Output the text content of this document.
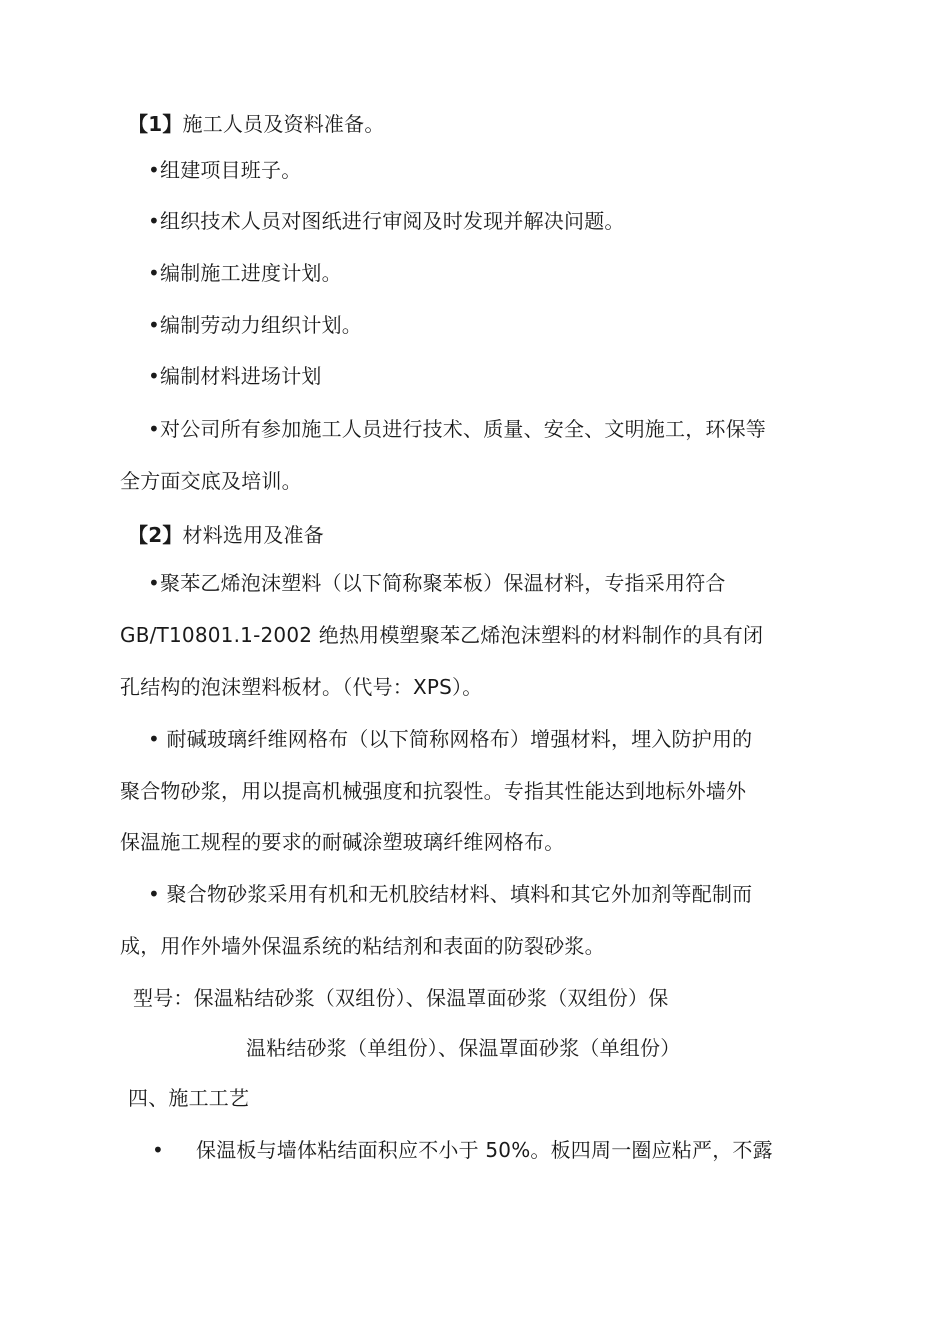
【1】施工人员及资料准备。
•组建项目班子。
•组织技术人员对图纸进行审阅及时发现并解决问题。
•编制施工进度计划。
•编制劳动力组织计划。
•编制材料进场计划
•对公司所有参加施工人员进行技术、质量、安全、文明施工，环保等
全方面交底及培训。
【2】材料选用及准备
•聚苯乙烯泡沫塑料（以下简称聚苯板）保温材料，专指采用符合
GB/T10801.1-2002 绝热用模塑聚苯乙烯泡沫塑料的材料制作的具有闭
孔结构的泡沫塑料板材。（代号：XPS）。
• 耐碱玻璃纤维网格布（以下简称网格布）增强材料，埋入防护用的
聚合物砂浆，用以提高机械强度和抗裂性。专指其性能达到地标外墙外
保温施工规程的要求的耐碱涂塑玻璃纤维网格布。
• 聚合物砂浆采用有机和无机胶结材料、填料和其它外加剂等配制而
成，用作外墙外保温系统的粘结剂和表面的防裂砂浆。
型号：保温粘结砂浆（双组份）、保温罩面砂浆（双组份）保
温粘结砂浆（单组份）、保温罩面砂浆（单组份）
四、施工工艺
• 保温板与墙体粘结面积应不小于 50%。板四周一圈应粘严，不露
